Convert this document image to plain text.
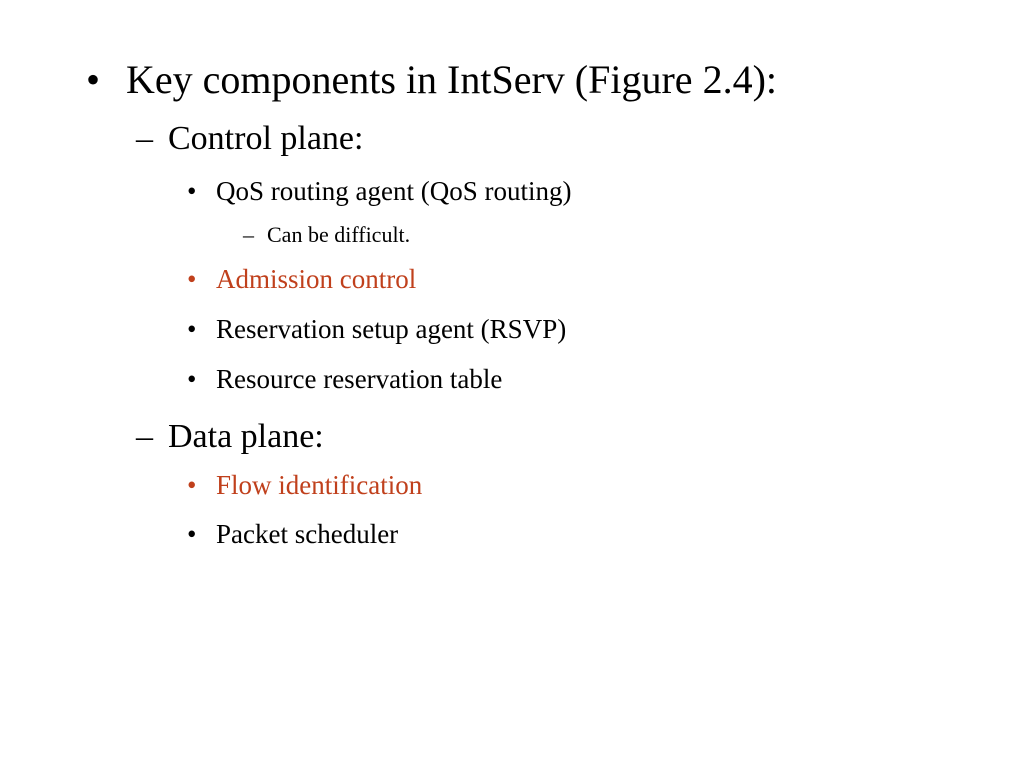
• Key components in IntServ (Figure 2.4):
– Control plane:
• QoS routing agent (QoS routing)
– Can be difficult.
• Admission control
• Reservation setup agent (RSVP)
• Resource reservation table
– Data plane:
• Flow identification
• Packet scheduler
